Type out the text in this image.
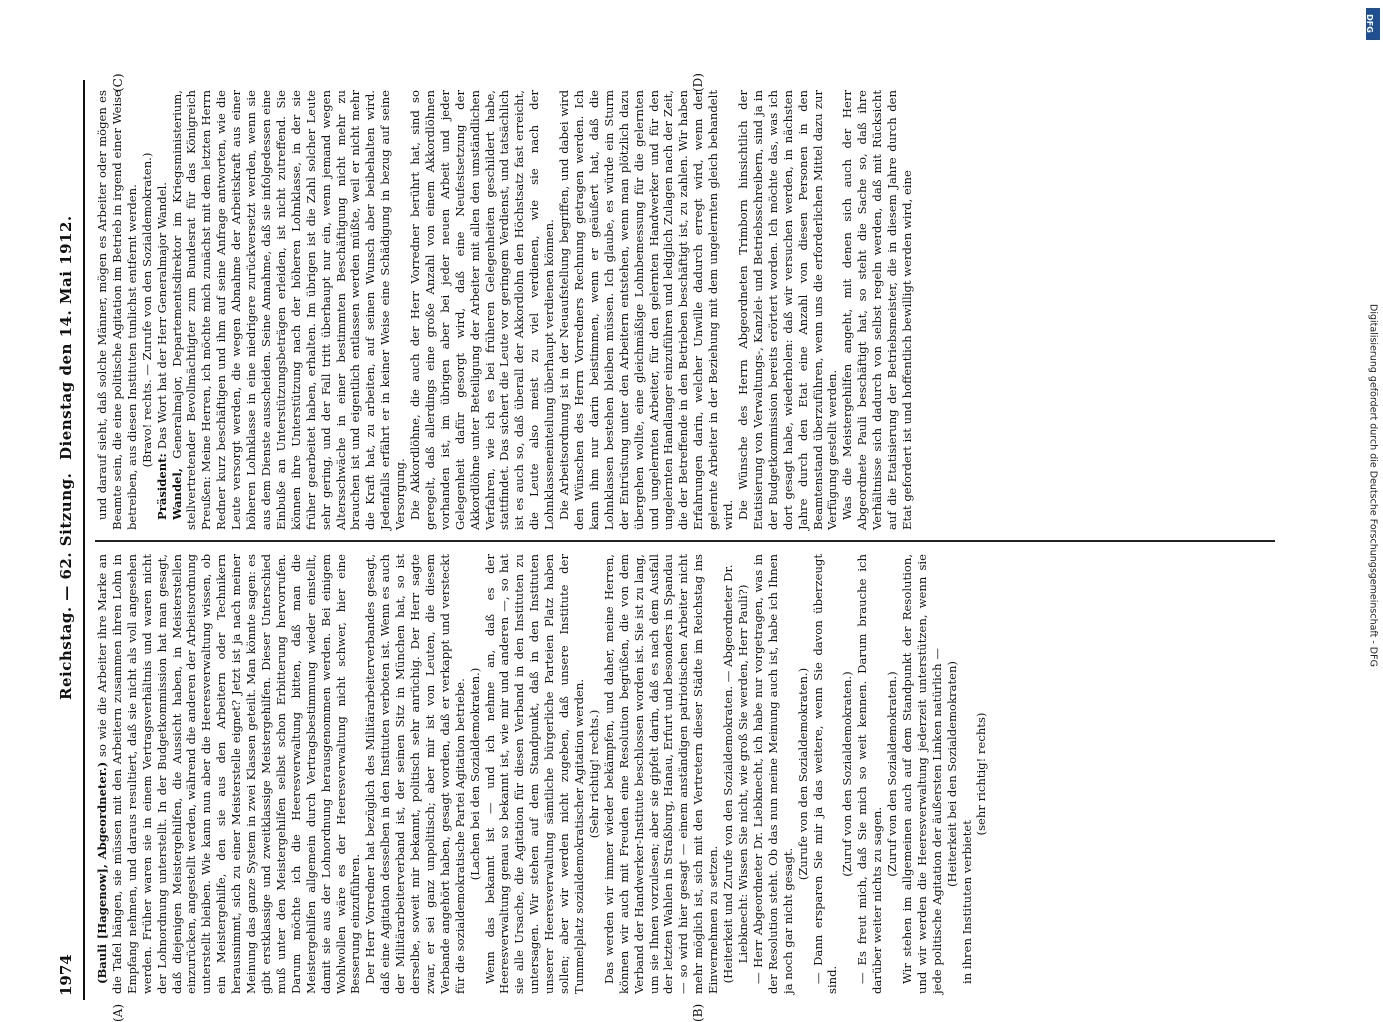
DFG
Digitalisierung gefördert durch die Deutsche Forschungsgemeinschaft - DFG
1974
Reichstag. — 62. Sitzung.
Dienstag den 14. Mai 1912.

(Bauli [Hagenow], Abgeordneter.) so wie die Arbeiter ihre Marke an die Tafel hängen, sie müssen mit den Arbeitern zusammen ihren Lohn in Empfang nehmen, und daraus resultiert, daß sie nicht als voll angesehen werden. Früher waren sie in einem Vertragsverhältnis und waren nicht der Lohnordnung unterstellt. In der Budgetkommission hat man gesagt, daß diejenigen Meistergehilfen, die Aussicht haben, in Meisterstellen einzurücken, angestellt werden, während die anderen der Arbeitsordnung unterstellt bleiben. Wie kann nun aber die Heeresverwaltung wissen, ob ein Meistergehilfe, den sie aus den Arbeitern oder Technikern herausnimmt, sich zu einer Meisterstelle eignet? Jetzt ist ja nach meiner Meinung das ganze System in zwei Klassen geteilt. Man könnte sagen: es gibt erstklassige und zweitklassige Meistergehilfen. Dieser Unterschied muß unter den Meistergehilfen selbst schon Erbitterung hervorrufen. Darum möchte ich die Heeresverwaltung bitten, daß man die Meistergehilfen allgemein durch Vertragsbestimmung wieder einstellt, damit sie aus der Lohnordnung herausgenommen werden. Bei einigem Wohlwollen wäre es der Heeresverwaltung nicht schwer, hier eine Besserung einzuführen. Der Herr Vorredner hat bezüglich des Militärarbeiterverbandes gesagt, daß eine Agitation desselben in den Instituten verboten ist. Wenn es auch der Militärarbeiterverband ist, der seinen Sitz in München hat, so ist derselbe, soweit mir bekannt, politisch sehr anrüchig. Der Herr sagte zwar, er sei ganz unpolitisch; aber mir ist von Leuten, die diesem Verbande angehört haben, gesagt worden, daß er verkappt und versteckt für die sozialdemokratische Partei Agitation betriebe. (Lachen bei den Sozialdemokraten.) Wenn das bekannt ist — und ich nehme an, daß es der Heeresverwaltung genau so bekannt ist, wie mir und anderen —, so hat sie alle Ursache, die Agitation für diesen Verband in den Instituten zu untersagen. Wir stehen auf dem Standpunkt, daß in den Instituten unserer Heeresverwaltung sämtliche bürgerliche Parteien Platz haben sollen; aber wir werden nicht zugeben, daß unsere Institute der Tummelplatz sozialdemokratischer Agitation werden. (Sehr richtig! rechts.) Das werden wir immer wieder bekämpfen, und daher, meine Herren, können wir auch mit Freuden eine Resolution begrüßen, die von dem Verband der Handwerker-Institute beschlossen worden ist. Sie ist zu lang, um sie Ihnen vorzulesen; aber sie gipfelt darin, daß es nach dem Ausfall der letzten Wahlen in Straßburg, Hanau, Erfurt und besonders in Spandau — so wird hier gesagt — einem anständigen patriotischen Arbeiter nicht mehr möglich ist, sich mit den Vertretern dieser Städte im Reichstag ins Einvernehmen zu setzen. (Heiterkeit und Zurufe von den Sozialdemokraten. — Abgeordneter Dr. Liebknecht: Wissen Sie nicht, wie groß Sie werden, Herr Pauli?) — Herr Abgeordneter Dr. Liebknecht, ich habe nur vorgetragen, was in der Resolution steht. Ob das nun meine Meinung auch ist, habe ich Ihnen ja noch gar nicht gesagt.

(Zurufe von den Sozialdemokraten.) — Dann ersparen Sie mir ja das weitere, wenn Sie davon überzeugt sind.

(Zuruf von den Sozialdemokraten.) — Es freut mich, daß Sie mich so weit kennen. Darum brauche ich darüber weiter nichts zu sagen.

(Zuruf von den Sozialdemokraten.) Wir stehen im allgemeinen auch auf dem Standpunkt der Resolution, und wir werden die Heeresverwaltung jederzeit unterstützen, wenn sie jede politische Agitation der äußersten Linken natürlich — (Heiterkeit bei den Sozialdemokraten)

in ihren Instituten verbietet

(sehr richtig! rechts)

und darauf sieht, daß solche Männer, mögen es Arbeiter oder mögen es Beamte sein, die eine politische Agitation im Betrieb in irgend einer Weise betreiben, aus diesen Instituten tunlichst entfernt werden. (Bravo! rechts. — Zurufe von den Sozialdemokraten.)

Präsident: Das Wort hat der Herr Generalmajor Wandel.

Wandel, Generalmajor, Departementsdirektor im Kriegsministerium, stellvertretender Bevollmächtigter zum Bundesrat für das Königreich Preußen: Meine Herren, ich möchte mich zunächst mit dem letzten Herrn Redner kurz beschäftigen und ihm auf seine Anfrage antworten, wie die Leute versorgt werden, die wegen Abnahme der Arbeitskraft aus einer höheren Lohnklasse in eine niedrigere zurückversetzt werden, wenn sie aus dem Dienste ausscheiden. Seine Annahme, daß sie infolgedessen eine Einbuße an Unterstützungsbeträgen erleiden, ist nicht zutreffend. Sie können ihre Unterstützung nach der höheren Lohnklasse, in der sie früher gearbeitet haben, erhalten. Im übrigen ist die Zahl solcher Leute sehr gering, und der Fall tritt überhaupt nur ein, wenn jemand wegen Altersschwäche in einer bestimmten Beschäftigung nicht mehr zu brauchen ist und eigentlich entlassen werden müßte, weil er nicht mehr die Kraft hat, zu arbeiten, auf seinen Wunsch aber beibehalten wird. Jedenfalls erfährt er in keiner Weise eine Schädigung in bezug auf seine Versorgung. Die Akkordlöhne, die auch der Herr Vorredner berührt hat, sind so geregelt, daß allerdings eine große Anzahl von einem Akkordlöhnen vorhanden ist, im übrigen aber bei jeder neuen Arbeit und jeder Gelegenheit dafür gesorgt wird, daß eine Neufestsetzung der Akkordlöhne unter Beteiligung der Arbeiter mit allen den umständlichen Verfahren, wie ich es bei früheren Gelegenheiten geschildert habe, stattfindet. Das sichert die Leute vor geringem Verdienst, und tatsächlich ist es auch so, daß überall der Akkordlohn den Höchstsatz fast erreicht, die Leute also meist zu viel verdienen, wie sie nach der Lohnklasseneinteilung überhaupt verdienen können. Die Arbeitsordnung ist in der Neuaufstellung begriffen, und dabei wird den Wünschen des Herrn Vorredners Rechnung getragen werden. Ich kann ihm nur darin beistimmen, wenn er geäußert hat, daß die Lohnklassen bestehen bleiben müssen. Ich glaube, es würde ein Sturm der Entrüstung unter den Arbeitern entstehen, wenn man plötzlich dazu übergehen wollte, eine gleichmäßige Lohnbemessung für die gelernten und ungelernten Arbeiter, für den gelernten Handwerker und für den ungelernten Handlanger einzuführen und lediglich Zulagen nach der Zeit, die der Betreffende in den Betrieben beschäftigt ist, zu zahlen. Wir haben Erfahrungen darin, welcher Unwille dadurch erregt wird, wenn der gelernte Arbeiter in der Beziehung mit dem ungelernten gleich behandelt wird. Die Wünsche des Herrn Abgeordneten Trimborn hinsichtlich der Etatisierung von Verwaltungs-, Kanzlei- und Betriebsschreibern, sind ja in der Budgetkommission bereits erörtert worden. Ich möchte das, was ich dort gesagt habe, wiederholen: daß wir versuchen werden, in nächsten Jahre durch den Etat eine Anzahl von diesen Personen in den Beamtenstand überzuführen, wenn uns die erforderlichen Mittel dazu zur Verfügung gestellt werden. Was die Meistergehilfen angeht, mit denen sich auch der Herr Abgeordnete Pauli beschäftigt hat, so steht die Sache so, daß ihre Verhältnisse sich dadurch von selbst regeln werden, daß mit Rücksicht auf die Etatisierung der Betriebsmeister, die in diesem Jahre durch den Etat gefordert ist und hoffentlich bewilligt werden wird, eine

(A)	(B)
(C)	(D)
